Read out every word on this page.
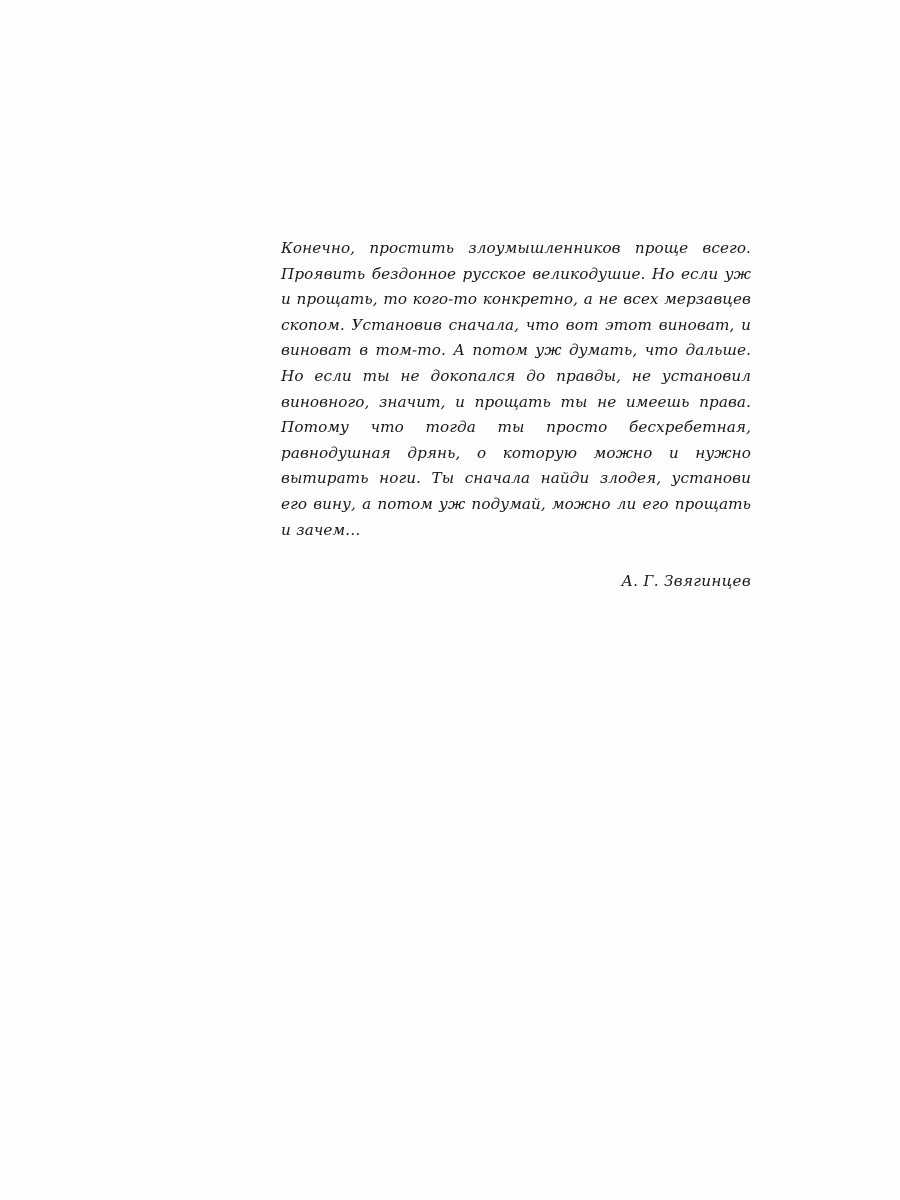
Конечно, простить злоумышленников проще всего. Проявить бездонное русское великодушие. Но если уж и прощать, то кого-то конкретно, а не всех мерзавцев скопом. Установив сначала, что вот этот виноват, и виноват в том-то. А потом уж думать, что дальше. Но если ты не докопался до правды, не установил виновного, значит, и прощать ты не имеешь права. Потому что тогда ты просто бесхребетная, равнодушная дрянь, о которую можно и нужно вытирать ноги. Ты сначала найди злодея, установи его вину, а потом уж подумай, можно ли его прощать и зачем…

А. Г. Звягинцев
